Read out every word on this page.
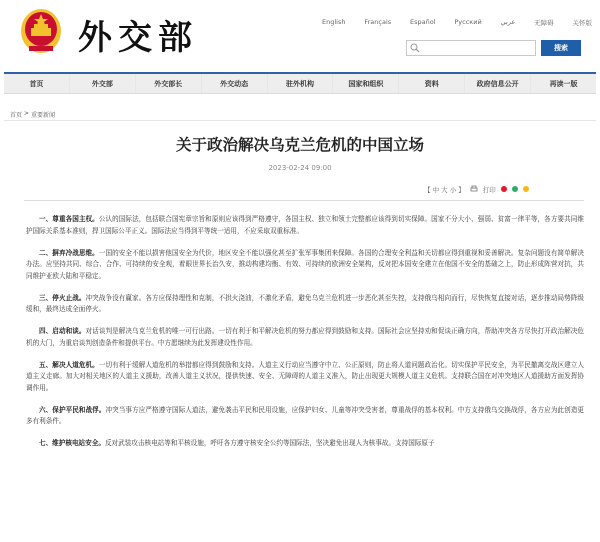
外交部	English	Français	Español	Русский	عربي	无障碍	关怀版
搜索
首页	外交部	外交部长	外交动态	驻外机构	国家和组织	资料	政府信息公开	再读一版
首页 > 重要新闻
关于政治解决乌克兰危机的中国立场
2023-02-24 09:00
【 中 大 小 】	打印

一、尊重各国主权。公认的国际法，包括联合国宪章宗旨和原则应该得到严格遵守，各国主权、独立和领土完整都应该得到切实保障。国家不分大小、强弱、贫富一律平等，各方要共同维护国际关系基本准则，捍卫国际公平正义。国际法应当得到平等统一适用，不应采取双重标准。

二、摒弃冷战思维。一国的安全不能以损害他国安全为代价，地区安全不能以强化甚至扩张军事集团来保障。各国的合理安全利益和关切都应得到重视和妥善解决。复杂问题没有简单解决办法。应坚持共同、综合、合作、可持续的安全观，着眼世界长治久安，推动构建均衡、有效、可持续的欧洲安全架构，反对把本国安全建立在他国不安全的基础之上，防止形成阵营对抗，共同维护亚欧大陆和平稳定。

三、停火止战。冲突战争没有赢家。各方应保持理性和克制，不拱火浇油，不激化矛盾，避免乌克兰危机进一步恶化甚至失控，支持俄乌相向而行，尽快恢复直接对话，逐步推动局势降级缓和，最终达成全面停火。

四、启动和谈。对话谈判是解决乌克兰危机的唯一可行出路。一切有利于和平解决危机的努力都应得到鼓励和支持。国际社会应坚持劝和促谈正确方向，帮助冲突各方尽快打开政治解决危机的大门，为重启谈判创造条件和提供平台。中方愿继续为此发挥建设性作用。

五、解决人道危机。一切有利于缓解人道危机的举措都应得到鼓励和支持。人道主义行动应当遵守中立、公正原则，防止将人道问题政治化。切实保护平民安全，为平民撤离交战区建立人道主义走廊。加大对相关地区的人道主义援助，改善人道主义状况，提供快速、安全、无障碍的人道主义准入，防止出现更大规模人道主义危机。支持联合国在对冲突地区人道援助方面发挥协调作用。

六、保护平民和战俘。冲突当事方应严格遵守国际人道法，避免袭击平民和民用设施，应保护妇女、儿童等冲突受害者，尊重战俘的基本权利。中方支持俄乌交换战俘，各方应为此创造更多有利条件。

七、维护核电站安全。反对武装攻击核电站等和平核设施，呼吁各方遵守核安全公约等国际法，坚决避免出现人为核事故。支持国际原子
